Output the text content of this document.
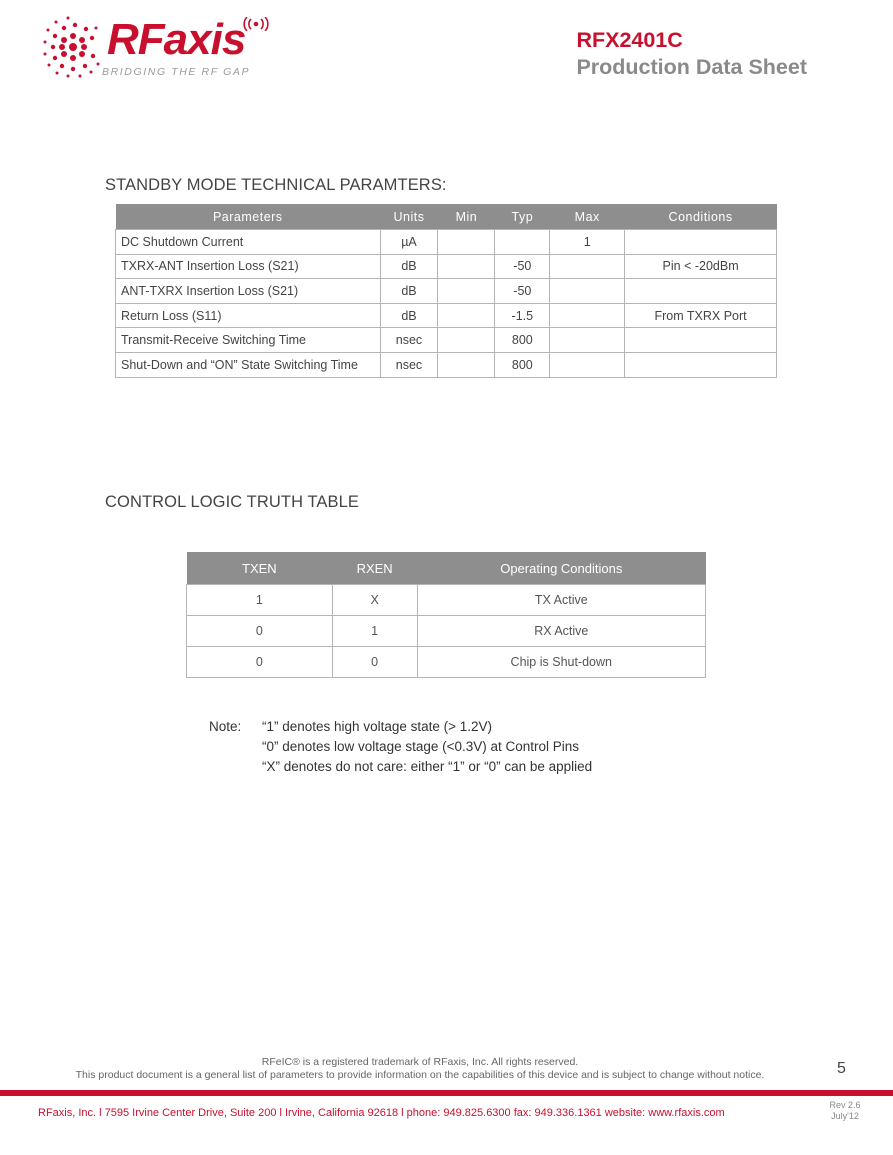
RFaxis
BRIDGING THE RF GAP
RFX2401C
Production Data Sheet
STANDBY MODE TECHNICAL PARAMTERS:
Parameters	Units	Min	Typ	Max	Conditions
DC Shutdown Current	µA			1	
TXRX-ANT Insertion Loss (S21)	dB		-50		Pin < -20dBm
ANT-TXRX Insertion Loss (S21)	dB		-50		
Return Loss (S11)	dB		-1.5		From TXRX Port
Transmit-Receive Switching Time	nsec		800		
Shut-Down and “ON” State Switching Time	nsec		800		
CONTROL LOGIC TRUTH TABLE
TXEN	RXEN	Operating Conditions
1	X	TX Active
0	1	RX Active
0	0	Chip is Shut-down
Note: “1” denotes high voltage state (> 1.2V)
“0” denotes low voltage stage (<0.3V) at Control Pins
“X” denotes do not care: either “1” or “0” can be applied
RFeIC® is a registered trademark of RFaxis, Inc. All rights reserved.
This product document is a general list of parameters to provide information on the capabilities of this device and is subject to change without notice.	5
RFaxis, Inc. l 7595 Irvine Center Drive, Suite 200 l Irvine, California 92618 l phone: 949.825.6300 fax: 949.336.1361 website: www.rfaxis.com
Rev 2.6
July'12
